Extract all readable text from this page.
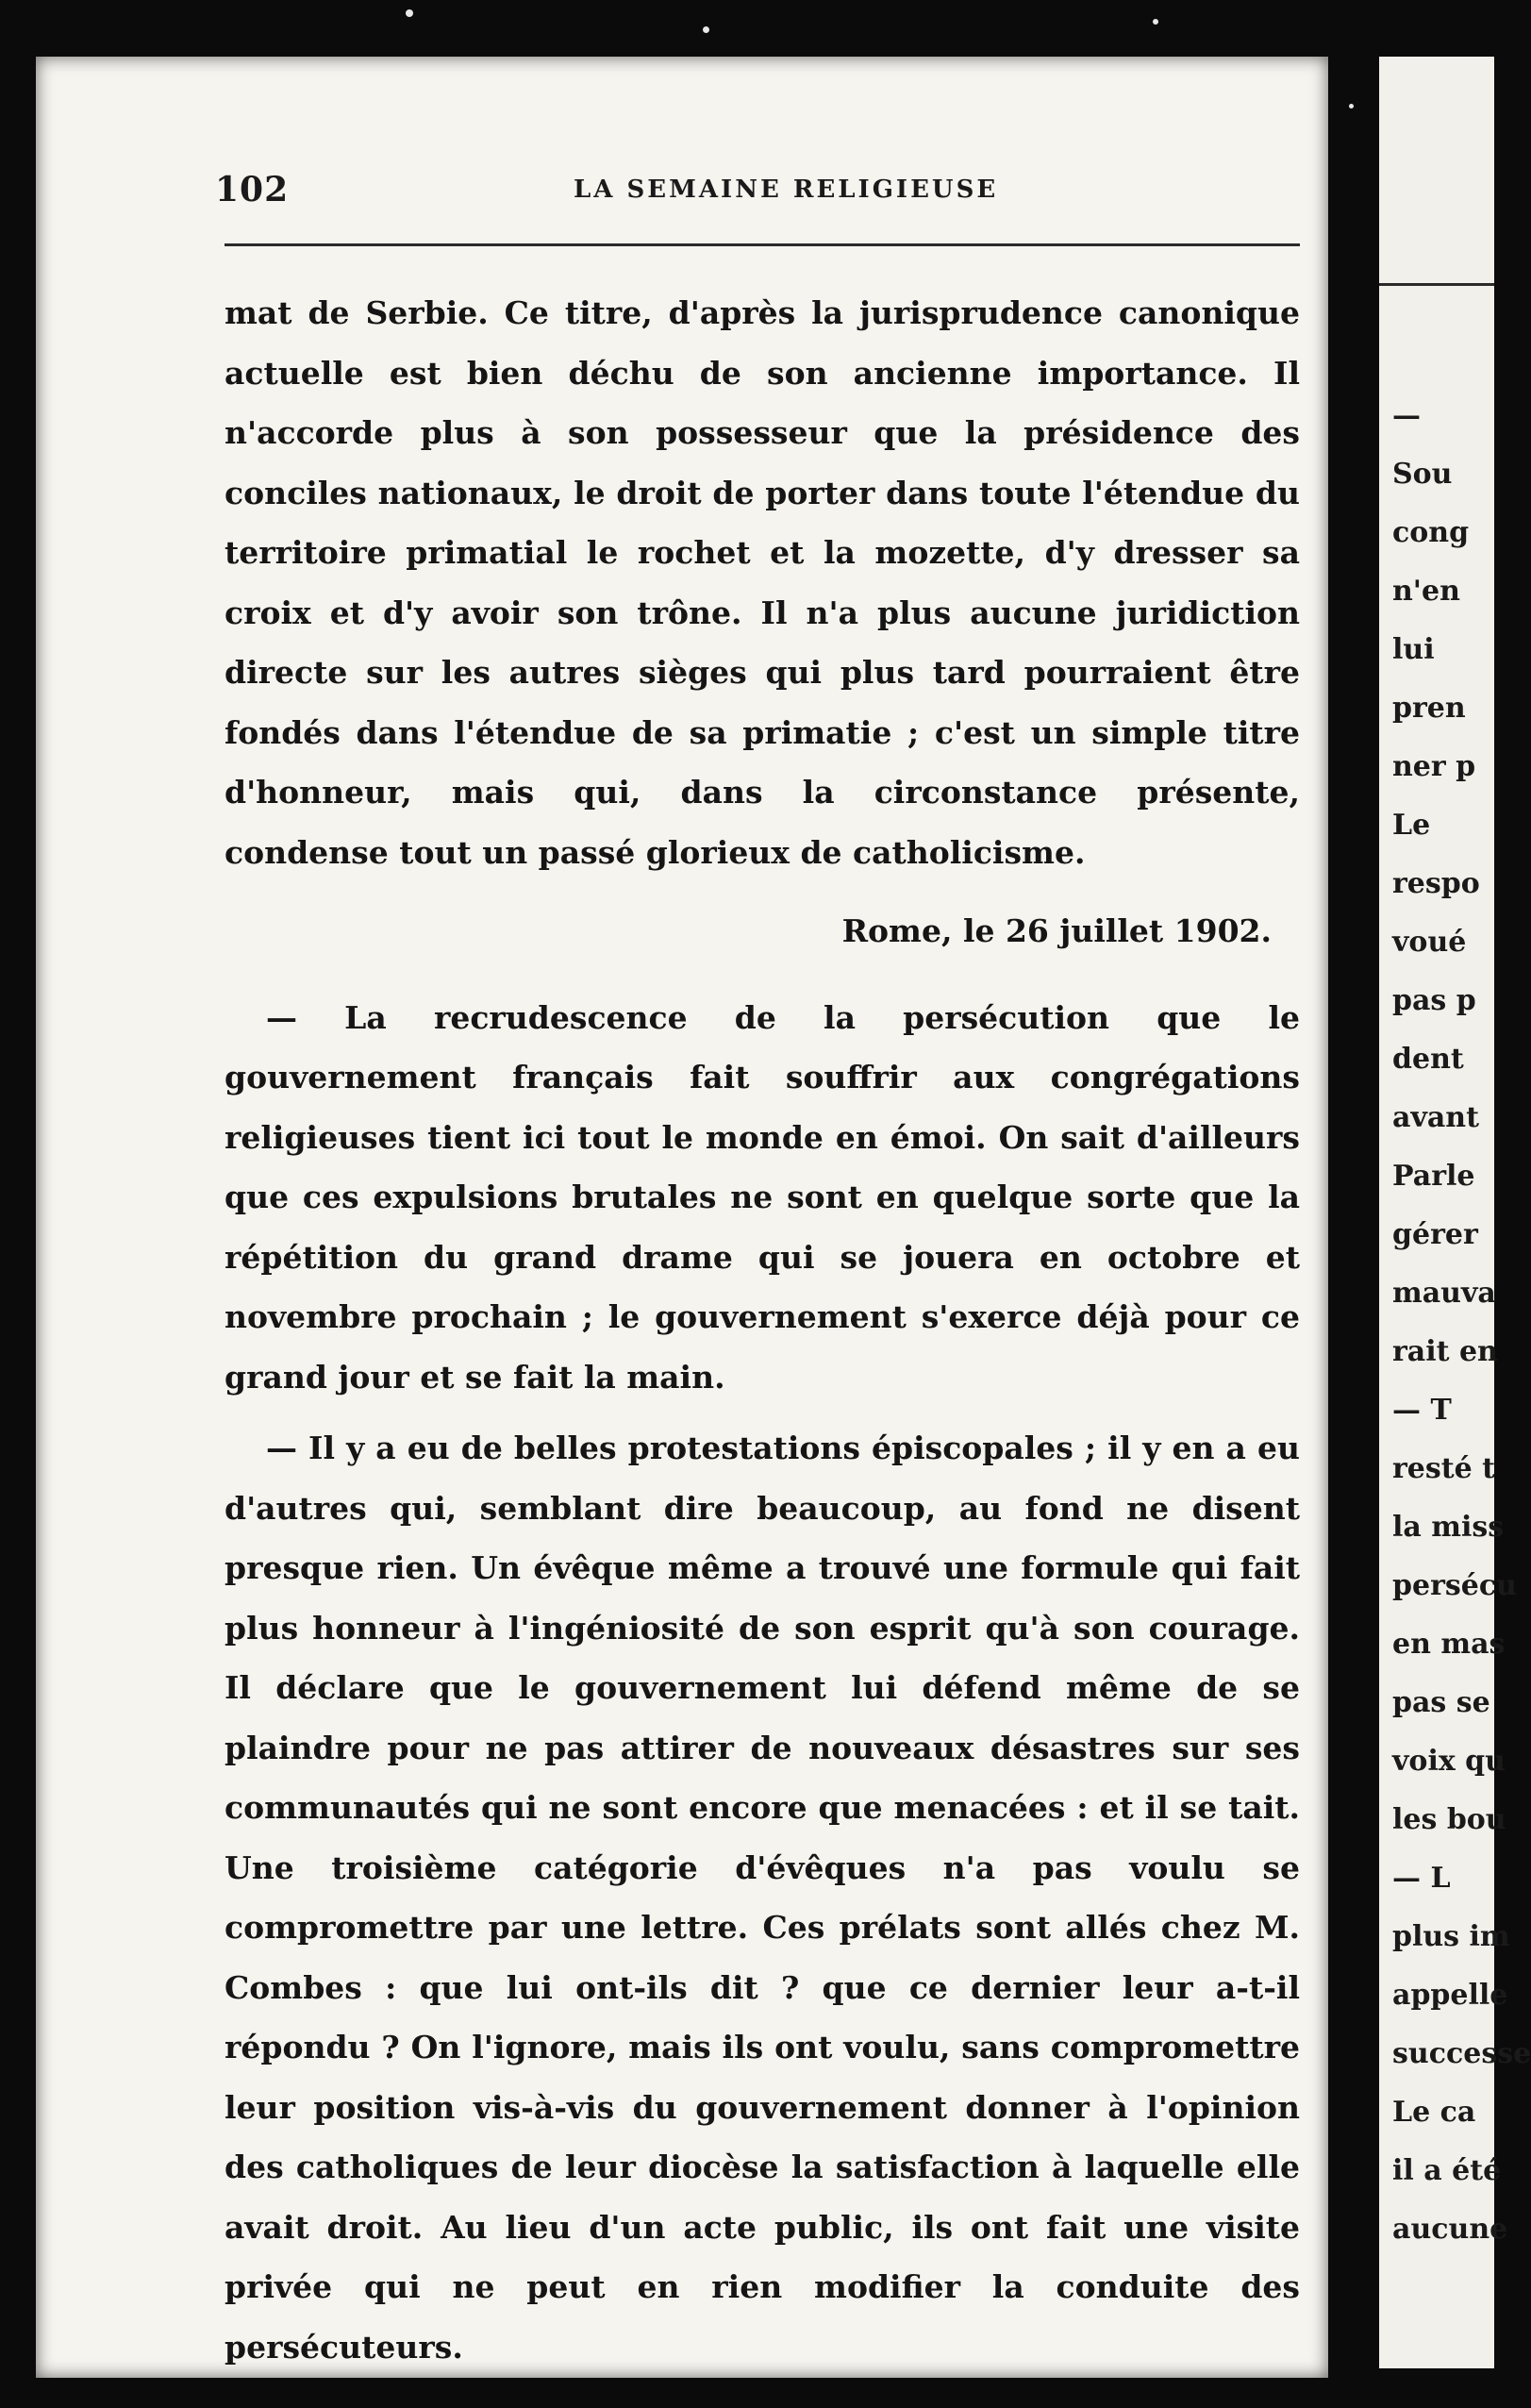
102	LA SEMAINE RELIGIEUSE

mat de Serbie. Ce titre, d'après la jurisprudence canonique actuelle est bien déchu de son ancienne importance. Il n'accorde plus à son possesseur que la présidence des conciles nationaux, le droit de porter dans toute l'étendue du territoire primatial le rochet et la mozette, d'y dresser sa croix et d'y avoir son trône. Il n'a plus aucune juridiction directe sur les autres sièges qui plus tard pourraient être fondés dans l'étendue de sa primatie ; c'est un simple titre d'honneur, mais qui, dans la circonstance présente, condense tout un passé glorieux de catholicisme.

Rome, le 26 juillet 1902.

— La recrudescence de la persécution que le gouvernement français fait souffrir aux congrégations religieuses tient ici tout le monde en émoi. On sait d'ailleurs que ces expulsions brutales ne sont en quelque sorte que la répétition du grand drame qui se jouera en octobre et novembre prochain ; le gouvernement s'exerce déjà pour ce grand jour et se fait la main.

— Il y a eu de belles protestations épiscopales ; il y en a eu d'autres qui, semblant dire beaucoup, au fond ne disent presque rien. Un évêque même a trouvé une formule qui fait plus honneur à l'ingéniosité de son esprit qu'à son courage. Il déclare que le gouvernement lui défend même de se plaindre pour ne pas attirer de nouveaux désastres sur ses communautés qui ne sont encore que menacées : et il se tait. Une troisième catégorie d'évêques n'a pas voulu se compromettre par une lettre. Ces prélats sont allés chez M. Combes : que lui ont-ils dit ? que ce dernier leur a-t-il répondu ? On l'ignore, mais ils ont voulu, sans compromettre leur position vis-à-vis du gouvernement donner à l'opinion des catholiques de leur diocèse la satisfaction à laquelle elle avait droit. Au lieu d'un acte public, ils ont fait une visite privée qui ne peut en rien modifier la conduite des persécuteurs.

—
Sou
cong
n'en
lui
pren
ner p
Le
respo
voué
pas p
dent
avant
Parle
gérer
mauva
rait en
— T
resté t
la miss
persécu
en mas
pas se
voix qu
les bou
— L
plus im
appelle
successe
Le ca
il a été
aucune
